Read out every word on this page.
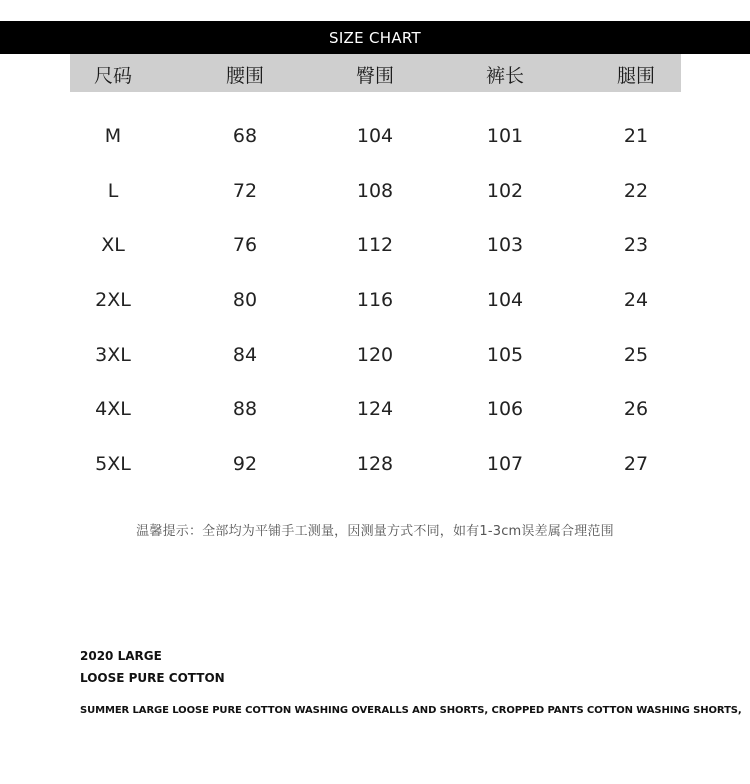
SIZE CHART
尺码	腰围	臀围	裤长	腿围
M	68	104	101	21
L	72	108	102	22
XL	76	112	103	23
2XL	80	116	104	24
3XL	84	120	105	25
4XL	88	124	106	26
5XL	92	128	107	27
温馨提示：全部均为平铺手工测量，因测量方式不同，如有1-3cm误差属合理范围
2020 LARGE
LOOSE PURE COTTON
SUMMER LARGE LOOSE PURE COTTON WASHING OVERALLS AND SHORTS, CROPPED PANTS COTTON WASHING SHORTS,
